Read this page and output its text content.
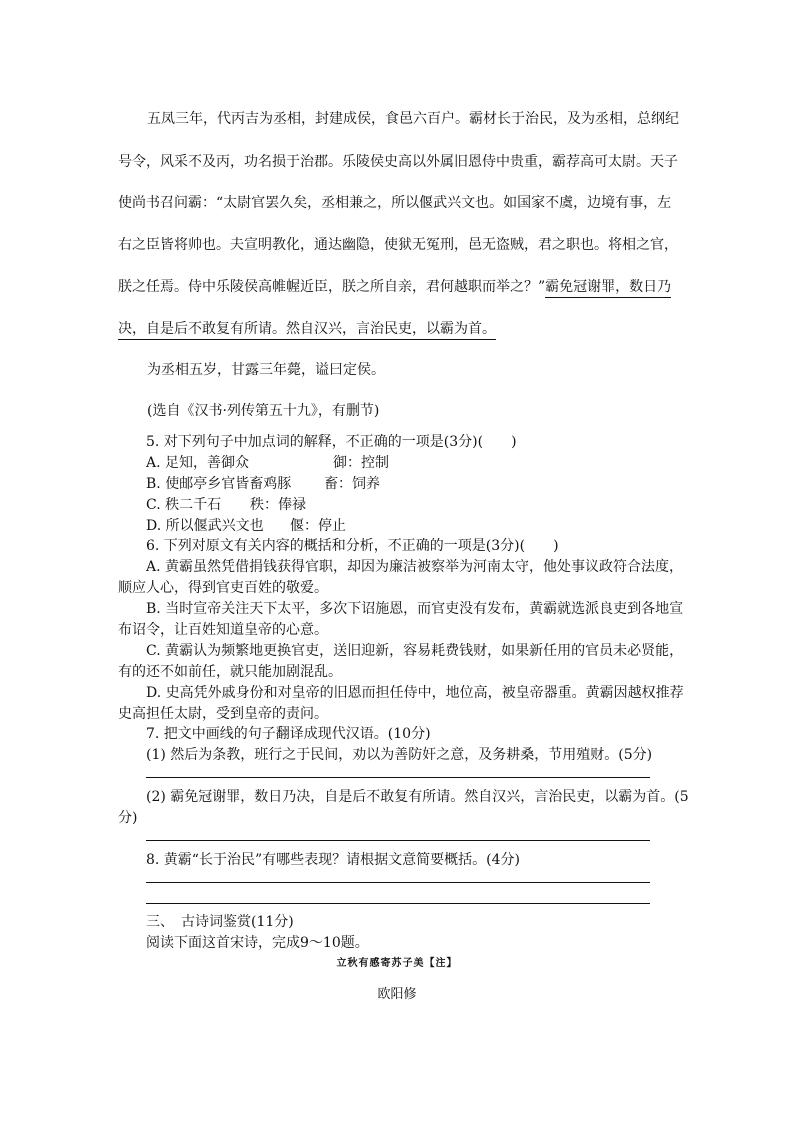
五凤三年，代丙吉为丞相，封建成侯，食邑六百户。霸材长于治民，及为丞相，总纲纪
号令，风采不及丙，功名损于治郡。乐陵侯史高以外属旧恩侍中贵重，霸荐高可太尉。天子
使尚书召问霸：“太尉官罢久矣，丞相兼之，所以偃武兴文也。如国家不虞，边境有事，左
右之臣皆将帅也。夫宣明教化，通达幽隐，使狱无冤刑，邑无盗贼，君之职也。将相之官，
朕之任焉。侍中乐陵侯高帷幄近臣，朕之所自亲，君何越职而举之？”霸免冠谢罪，数日乃
决，自是后不敢复有所请。然自汉兴，言治民吏，以霸为首。
为丞相五岁，甘露三年薨，谥曰定侯。
(选自《汉书·列传第五十九》，有删节)
5. 对下列句子中加点词的解释，不正确的一项是(3分)(　　)
A. 足知，善御众	御：控制
B. 使邮亭乡官皆畜鸡豚 畜：饲养
C. 秩二千石 秩：俸禄
D. 所以偃武兴文也 偃：停止
6. 下列对原文有关内容的概括和分析，不正确的一项是(3分)(　　)
A. 黄霸虽然凭借捐钱获得官职，却因为廉洁被察举为河南太守，他处事议政符合法度，
顺应人心，得到官吏百姓的敬爱。
B. 当时宣帝关注天下太平，多次下诏施恩，而官吏没有发布，黄霸就选派良吏到各地宣
布诏令，让百姓知道皇帝的心意。
C. 黄霸认为频繁地更换官吏，送旧迎新，容易耗费钱财，如果新任用的官员未必贤能，
有的还不如前任，就只能加剧混乱。
D. 史高凭外戚身份和对皇帝的旧恩而担任侍中，地位高，被皇帝器重。黄霸因越权推荐
史高担任太尉，受到皇帝的责问。
7. 把文中画线的句子翻译成现代汉语。(10分)
(1) 然后为条教，班行之于民间，劝以为善防奸之意，及务耕桑，节用殖财。(5分)
(2) 霸免冠谢罪，数日乃决，自是后不敢复有所请。然自汉兴，言治民吏，以霸为首。(5
分)
8. 黄霸“长于治民”有哪些表现？请根据文意简要概括。(4分)
三、　古诗词鉴赏(11分)
阅读下面这首宋诗，完成9～10题。
立秋有感寄苏子美【注】
欧阳修
